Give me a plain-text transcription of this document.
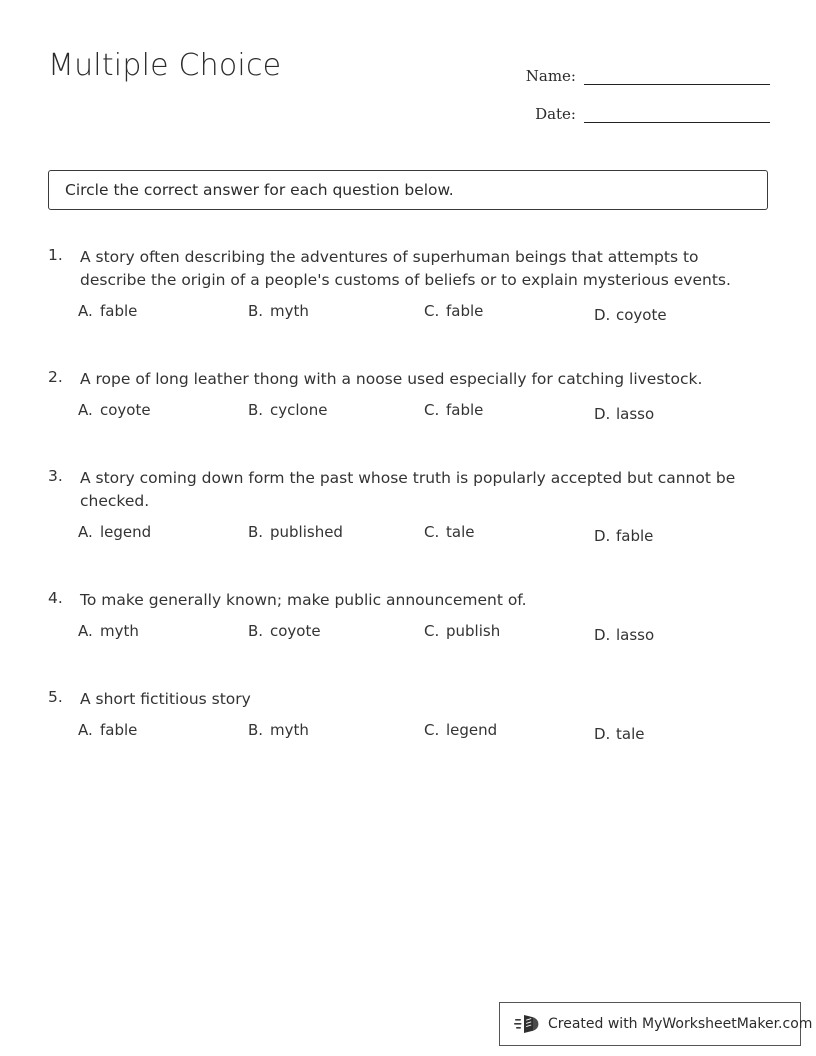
Multiple Choice	Name:
Date:
Circle the correct answer for each question below.
1. A story often describing the adventures of superhuman beings that attempts to describe the origin of a people's customs of beliefs or to explain mysterious events.
A. fable	B. myth	C. fable	D. coyote
2. A rope of long leather thong with a noose used especially for catching livestock.
A. coyote	B. cyclone	C. fable	D. lasso
3. A story coming down form the past whose truth is popularly accepted but cannot be checked.
A. legend	B. published	C. tale	D. fable
4. To make generally known; make public announcement of.
A. myth	B. coyote	C. publish	D. lasso
5. A short fictitious story
A. fable	B. myth	C. legend	D. tale
Created with MyWorksheetMaker.com
